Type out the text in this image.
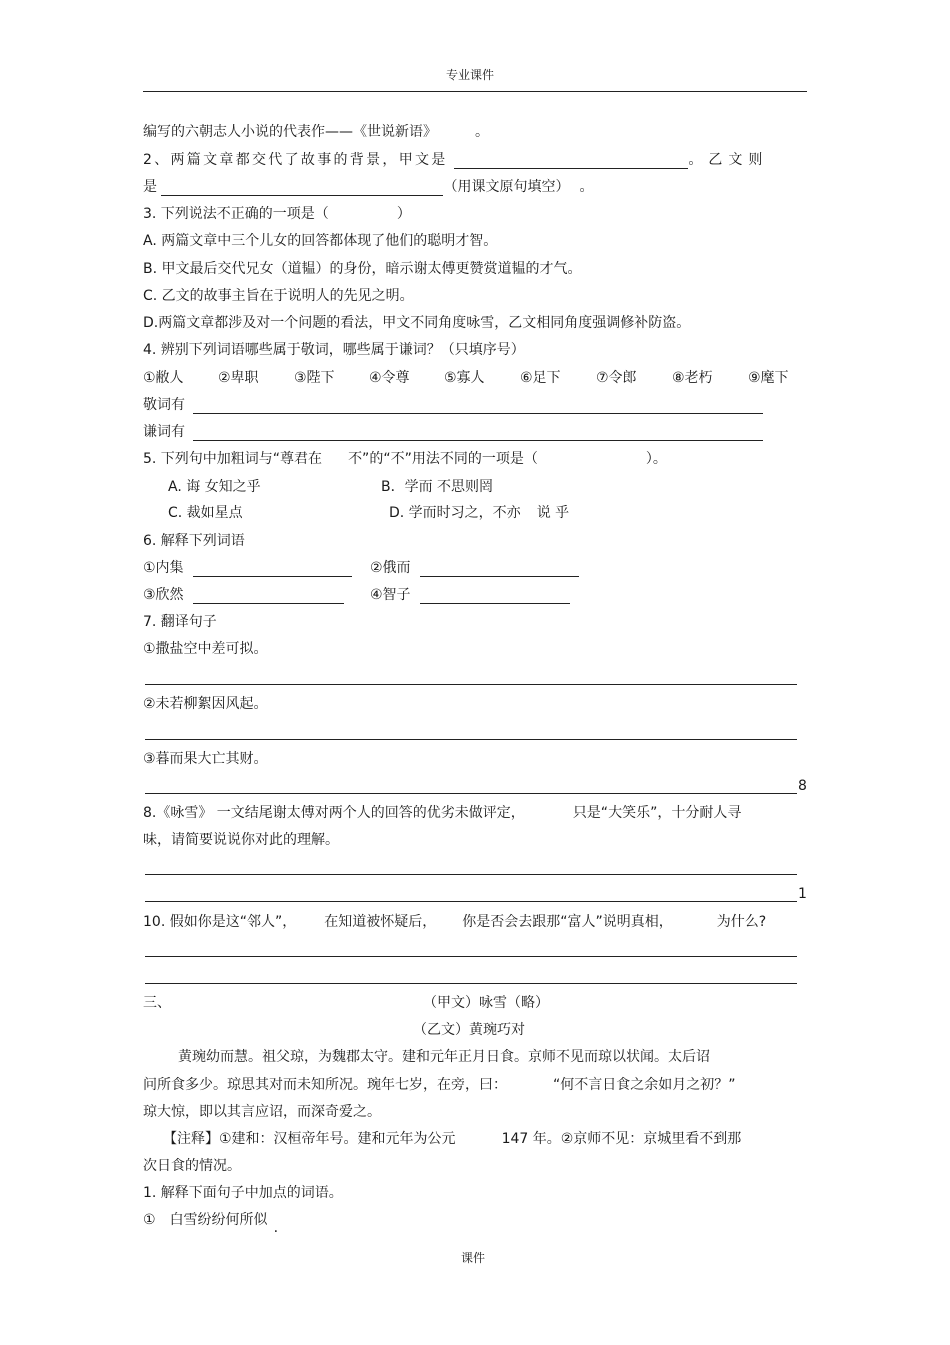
专业课件
编写的六朝志人小说的代表作——《世说新语》	。
2、两篇文章都交代了故事的背景，甲文是	。乙文则
是	（用课文原句填空） 。
3. 下列说法不正确的一项是（	）
A. 两篇文章中三个儿女的回答都体现了他们的聪明才智。
B. 甲文最后交代兄女（道韫）的身份，暗示谢太傅更赞赏道韫的才气。
C. 乙文的故事主旨在于说明人的先见之明。
D.两篇文章都涉及对一个问题的看法，甲文不同角度咏雪，乙文相同角度强调修补防盗。
4. 辨别下列词语哪些属于敬词，哪些属于谦词？（只填序号）
①敝人 ②卑职	③陛下 ④令尊 ⑤寡人	⑥足下	⑦令郎	⑧老朽	⑨麾下
敬词有
谦词有
5. 下列句中加粗词与“尊君在 不”的“不”用法不同的一项是（	）。
A. 诲 女知之乎	B．学而 不思则罔
C. 裁如星点	D. 学而时习之，不亦 说 乎
6. 解释下列词语
①内集	②俄而
③欣然	④智子
7. 翻译句子
①撒盐空中差可拟。
②未若柳絮因风起。
③暮而果大亡其财。
8
8.《咏雪》 一文结尾谢太傅对两个人的回答的优劣未做评定，	只是“大笑乐”，十分耐人寻
味，请简要说说你对此的理解。
1
10. 假如你是这“邻人”， 在知道被怀疑后， 你是否会去跟那“富人”说明真相，	为什么?
三、	（甲文）咏雪（略）
（乙文）黄琬巧对
黄琬幼而慧。祖父琼，为魏郡太守。建和元年正月日食。京师不见而琼以状闻。太后诏
问所食多少。琼思其对而未知所况。琬年七岁，在旁，曰：	“何不言日食之余如月之初？”
琼大惊，即以其言应诏，而深奇爱之。
【注释】①建和：汉桓帝年号。建和元年为公元	147 年。②京师不见：京城里看不到那
次日食的情况。
1. 解释下面句子中加点的词语。
① 白雪纷纷何所似 .
课件
